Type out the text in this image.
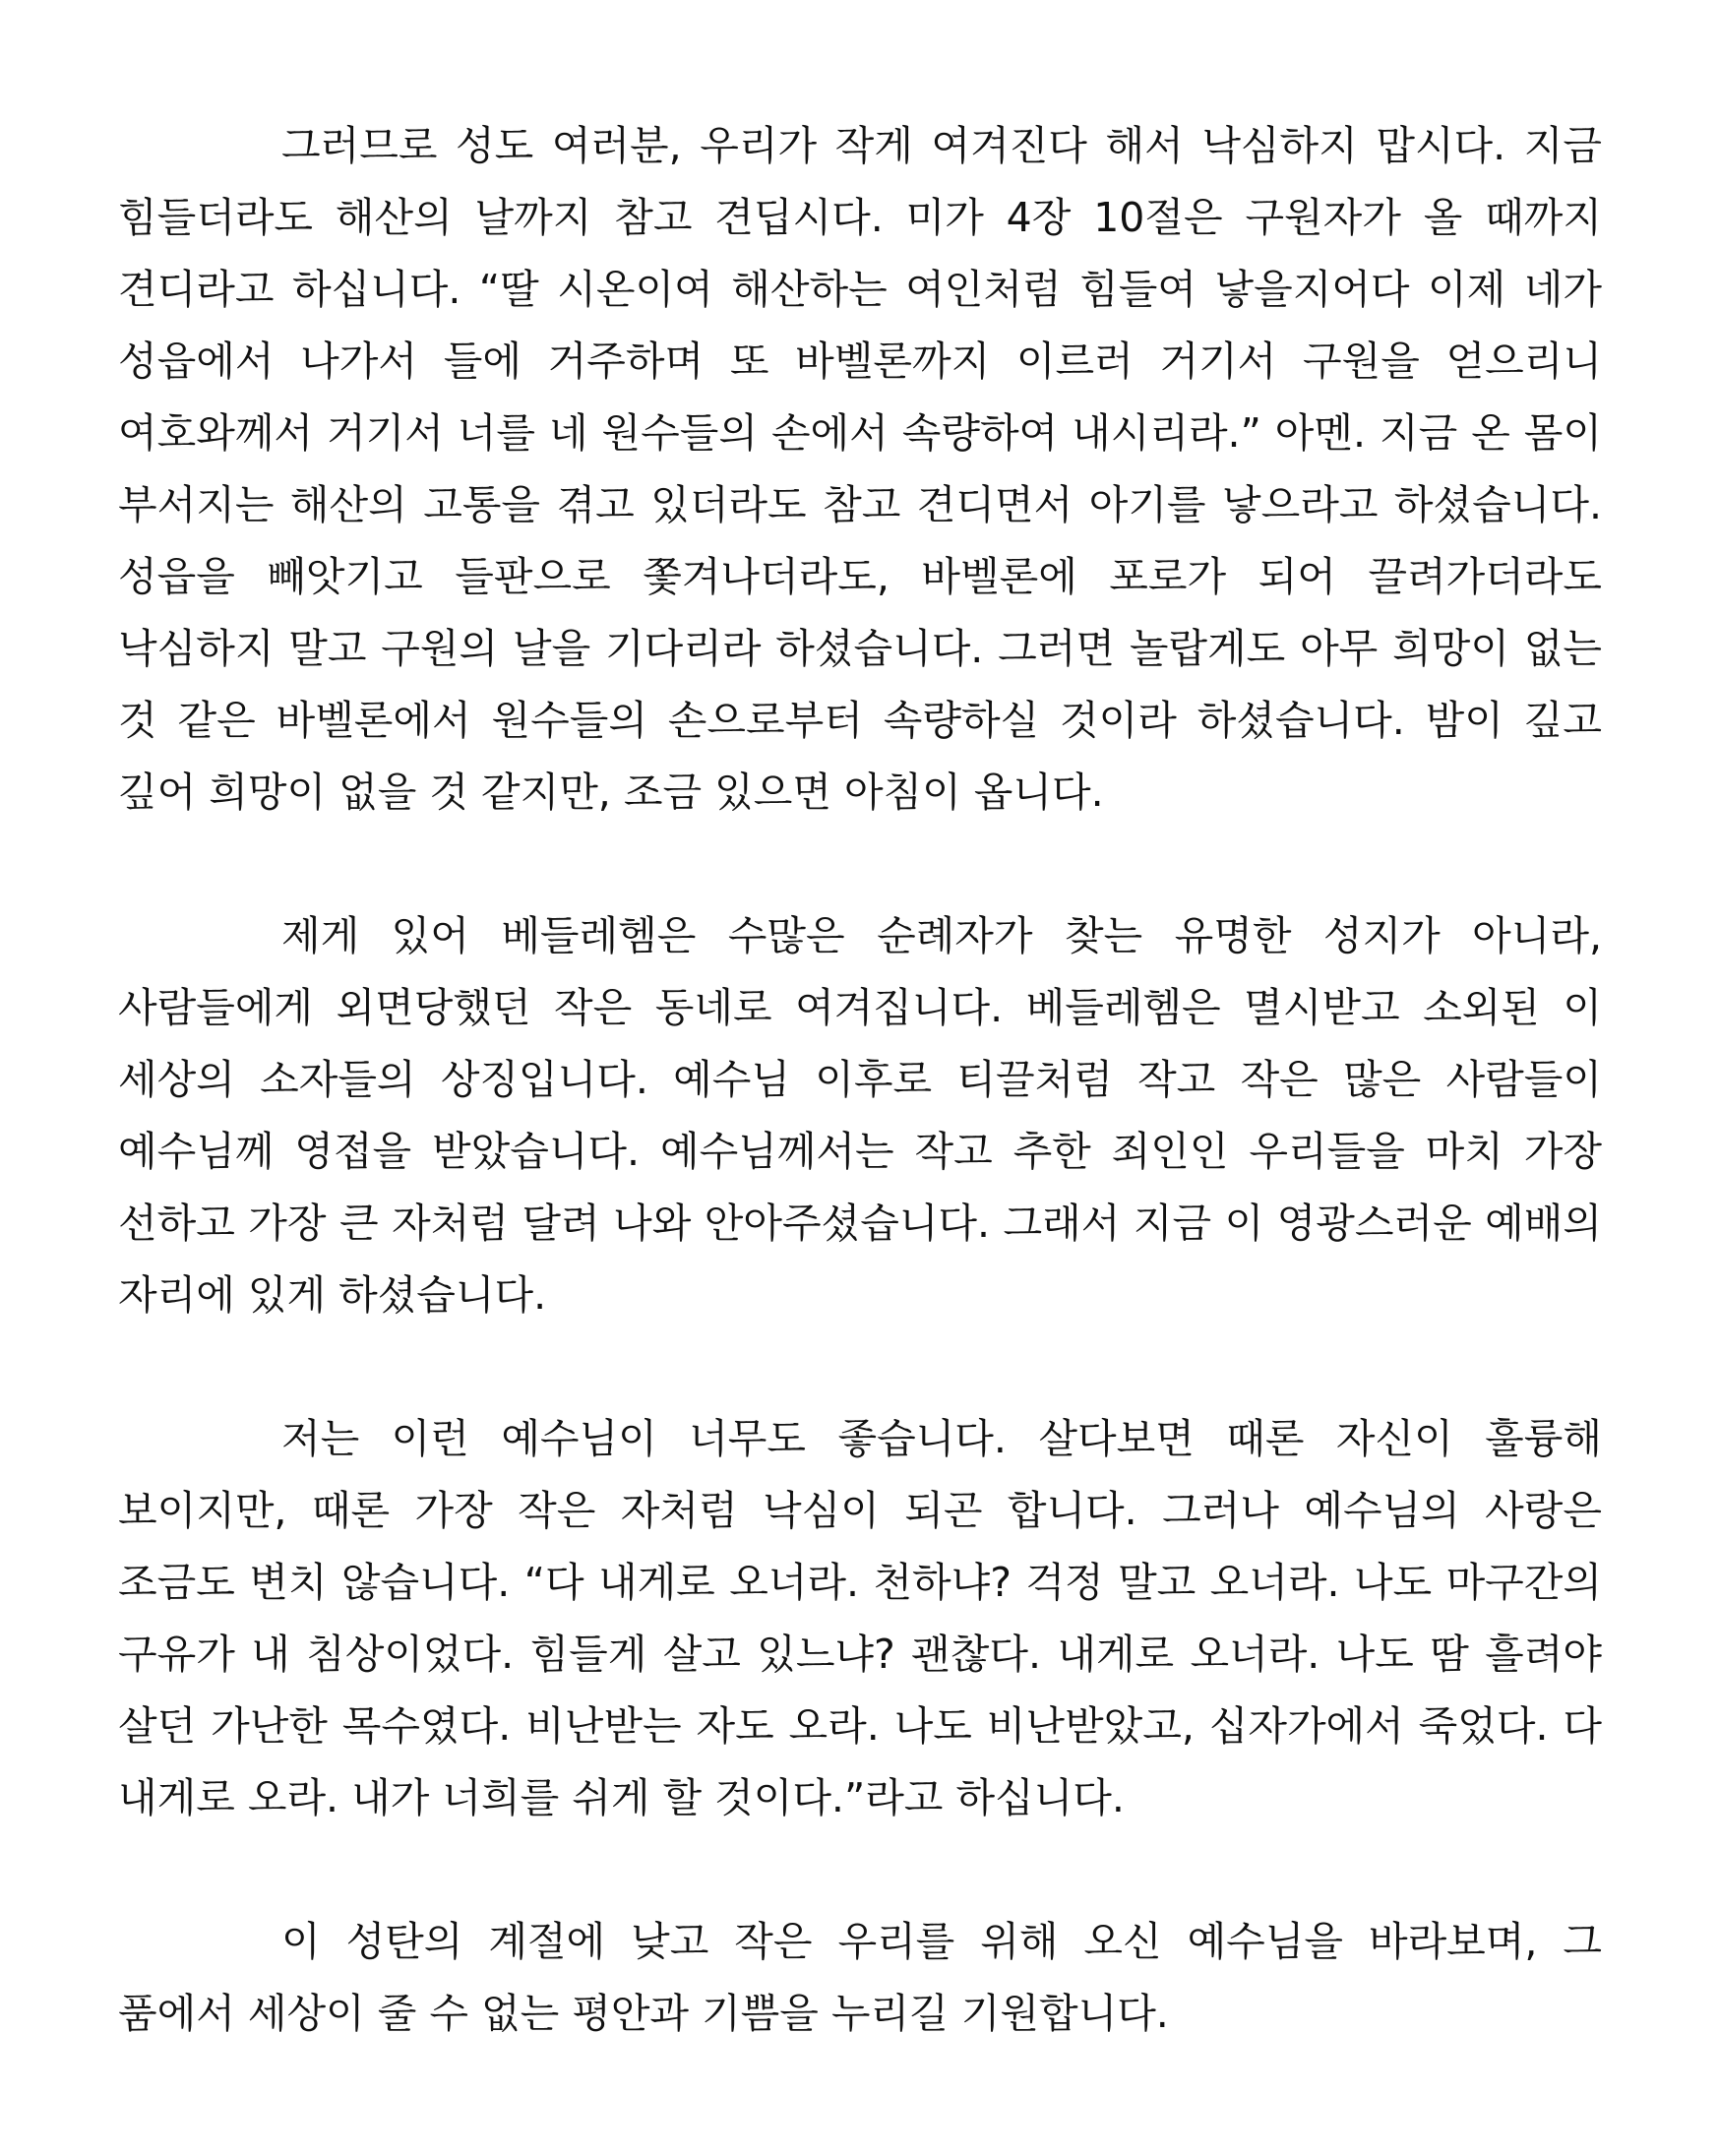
그러므로 성도 여러분, 우리가 작게 여겨진다 해서 낙심하지 맙시다. 지금 힘들더라도 해산의 날까지 참고 견딥시다. 미가 4장 10절은 구원자가 올 때까지 견디라고 하십니다. “딸 시온이여 해산하는 여인처럼 힘들여 낳을지어다 이제 네가 성읍에서 나가서 들에 거주하며 또 바벨론까지 이르러 거기서 구원을 얻으리니 여호와께서 거기서 너를 네 원수들의 손에서 속량하여 내시리라.” 아멘. 지금 온 몸이 부서지는 해산의 고통을 겪고 있더라도 참고 견디면서 아기를 낳으라고 하셨습니다. 성읍을 빼앗기고 들판으로 쫓겨나더라도, 바벨론에 포로가 되어 끌려가더라도 낙심하지 말고 구원의 날을 기다리라 하셨습니다. 그러면 놀랍게도 아무 희망이 없는 것 같은 바벨론에서 원수들의 손으로부터 속량하실 것이라 하셨습니다. 밤이 깊고 깊어 희망이 없을 것 같지만, 조금 있으면 아침이 옵니다.

제게 있어 베들레헴은 수많은 순례자가 찾는 유명한 성지가 아니라, 사람들에게 외면당했던 작은 동네로 여겨집니다. 베들레헴은 멸시받고 소외된 이 세상의 소자들의 상징입니다. 예수님 이후로 티끌처럼 작고 작은 많은 사람들이 예수님께 영접을 받았습니다. 예수님께서는 작고 추한 죄인인 우리들을 마치 가장 선하고 가장 큰 자처럼 달려 나와 안아주셨습니다. 그래서 지금 이 영광스러운 예배의 자리에 있게 하셨습니다.

저는 이런 예수님이 너무도 좋습니다. 살다보면 때론 자신이 훌륭해 보이지만, 때론 가장 작은 자처럼 낙심이 되곤 합니다. 그러나 예수님의 사랑은 조금도 변치 않습니다. “다 내게로 오너라. 천하냐? 걱정 말고 오너라. 나도 마구간의 구유가 내 침상이었다. 힘들게 살고 있느냐? 괜찮다. 내게로 오너라. 나도 땀 흘려야 살던 가난한 목수였다. 비난받는 자도 오라. 나도 비난받았고, 십자가에서 죽었다. 다 내게로 오라. 내가 너희를 쉬게 할 것이다.”라고 하십니다.

이 성탄의 계절에 낮고 작은 우리를 위해 오신 예수님을 바라보며, 그 품에서 세상이 줄 수 없는 평안과 기쁨을 누리길 기원합니다.
